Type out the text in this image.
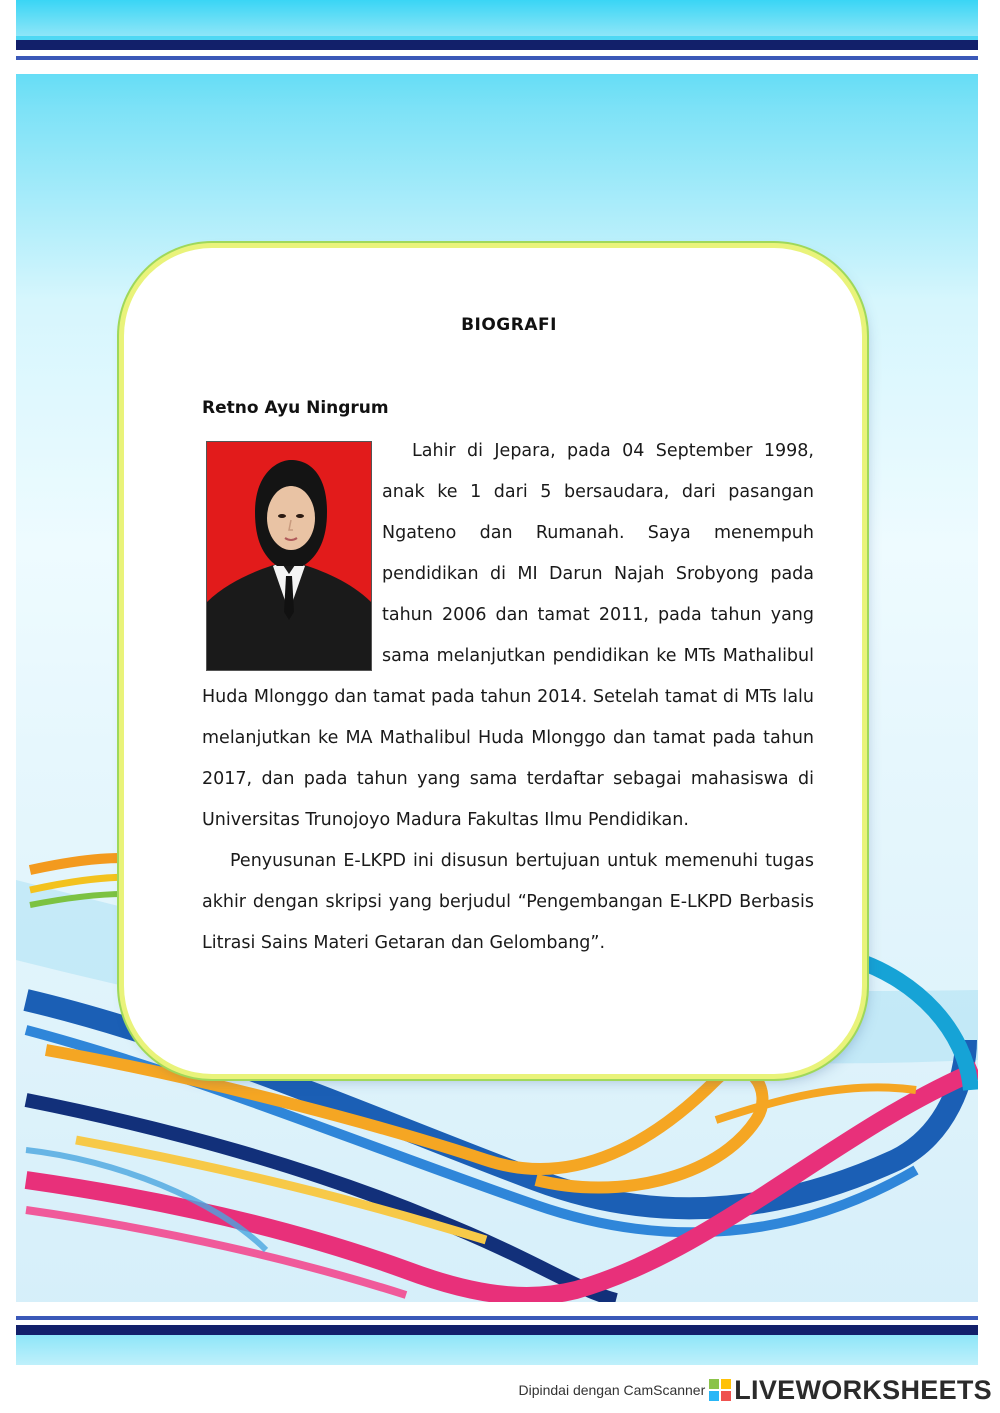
BIOGRAFI
Retno Ayu Ningrum

Lahir di Jepara, pada 04 September 1998, anak ke 1 dari 5 bersaudara, dari pasangan Ngateno dan Rumanah. Saya menempuh pendidikan di MI Darun Najah Srobyong pada tahun 2006 dan tamat 2011, pada tahun yang sama melanjutkan pendidikan ke MTs Mathalibul Huda Mlonggo dan tamat pada tahun 2014. Setelah tamat di MTs lalu melanjutkan ke MA Mathalibul Huda Mlonggo dan tamat pada tahun 2017, dan pada tahun yang sama terdaftar sebagai mahasiswa di Universitas Trunojoyo Madura Fakultas Ilmu Pendidikan.

Penyusunan E-LKPD ini disusun bertujuan untuk memenuhi tugas akhir dengan skripsi yang berjudul “Pengembangan E-LKPD Berbasis Litrasi Sains Materi Getaran dan Gelombang”.

Dipindai dengan CamScanner LIVEWORKSHEETS
